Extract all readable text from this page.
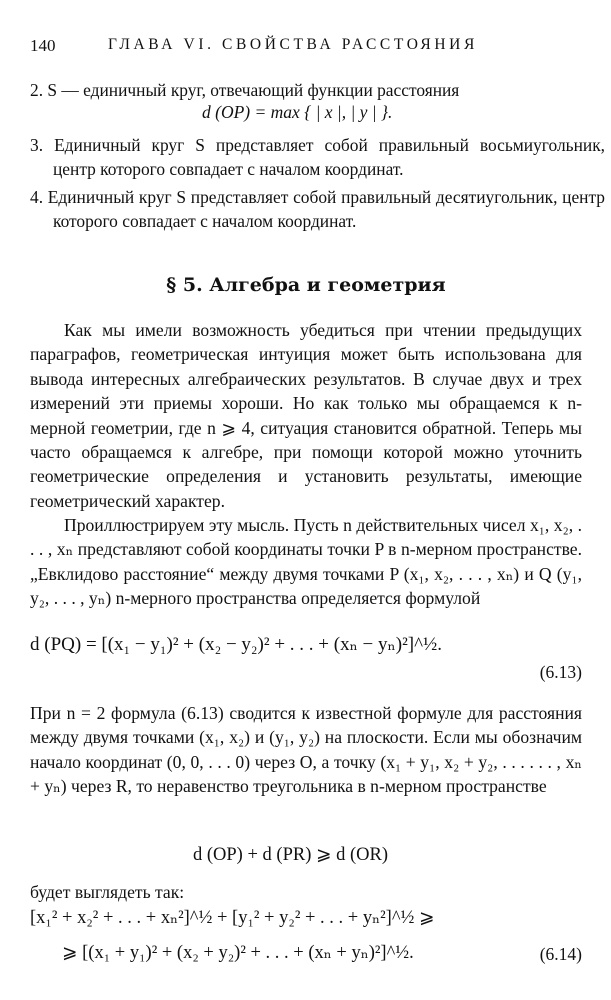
140	ГЛАВА VI. СВОЙСТВА РАССТОЯНИЯ
2. S — единичный круг, отвечающий функции расстояния
d (OP) = max { | x |, | y | }.
3. Единичный круг S представляет собой правильный восьмиугольник, центр которого совпадает с началом координат.
4. Единичный круг S представляет собой правильный десятиугольник, центр которого совпадает с началом координат.
§ 5. Алгебра и геометрия
Как мы имели возможность убедиться при чтении предыдущих параграфов, геометрическая интуиция может быть использована для вывода интересных алгебраических результатов. В случае двух и трех измерений эти приемы хороши. Но как только мы обращаемся к n-мерной геометрии, где n ⩾ 4, ситуация становится обратной. Теперь мы часто обращаемся к алгебре, при помощи которой можно уточнить геометрические определения и установить результаты, имеющие геометрический характер.
Проиллюстрируем эту мысль. Пусть n действительных чисел x₁, x₂, . . . , xₙ представляют собой координаты точки P в n-мерном пространстве. „Евклидово расстояние“ между двумя точками P (x₁, x₂, . . . , xₙ) и Q (y₁, y₂, . . . , yₙ) n-мерного пространства определяется формулой
d (PQ) = [(x₁ − y₁)² + (x₂ − y₂)² + . . . + (xₙ − yₙ)²]^½.
(6.13)
При n = 2 формула (6.13) сводится к известной формуле для расстояния между двумя точками (x₁, x₂) и (y₁, y₂) на плоскости. Если мы обозначим начало координат (0, 0, . . . 0) через O, а точку (x₁ + y₁, x₂ + y₂, . . . . . . , xₙ + yₙ) через R, то неравенство треугольника в n-мерном пространстве
d (OP) + d (PR) ⩾ d (OR)
будет выглядеть так:
[x₁² + x₂² + . . . + xₙ²]^½ + [y₁² + y₂² + . . . + yₙ²]^½ ⩾
⩾ [(x₁ + y₁)² + (x₂ + y₂)² + . . . + (xₙ + yₙ)²]^½.	(6.14)
